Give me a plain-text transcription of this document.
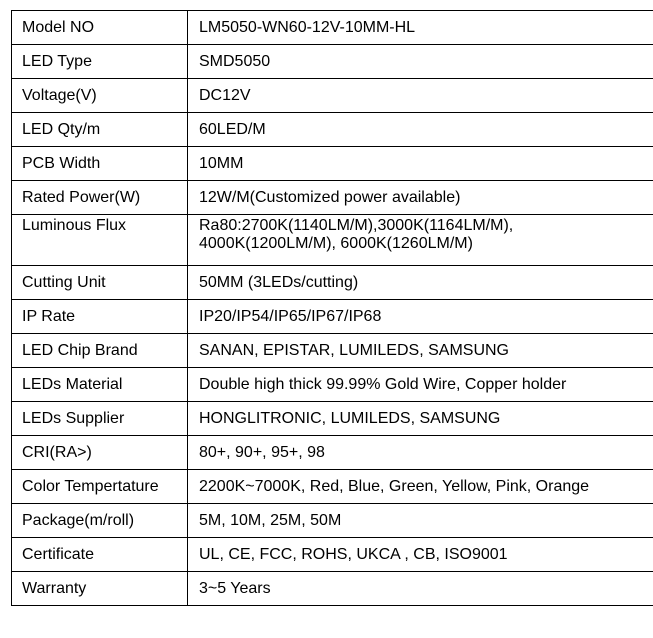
Model NO	LM5050-WN60-12V-10MM-HL

LED Type	SMD5050

Voltage(V)	DC12V

LED Qty/m	60LED/M

PCB Width	10MM

Rated Power(W)	12W/M(Customized power available)

Luminous Flux	Ra80:2700K(1140LM/M),3000K(1164LM/M),
4000K(1200LM/M), 6000K(1260LM/M)

Cutting Unit	50MM (3LEDs/cutting)

IP Rate	IP20/IP54/IP65/IP67/IP68

LED Chip Brand	SANAN, EPISTAR, LUMILEDS, SAMSUNG

LEDs Material	Double high thick 99.99% Gold Wire, Copper holder

LEDs Supplier	HONGLITRONIC, LUMILEDS, SAMSUNG

CRI(RA>)	80+, 90+, 95+, 98

Color Tempertature	2200K~7000K, Red, Blue, Green, Yellow, Pink, Orange

Package(m/roll)	5M, 10M, 25M, 50M

Certificate	UL, CE, FCC, ROHS, UKCA , CB, ISO9001

Warranty	3~5 Years
